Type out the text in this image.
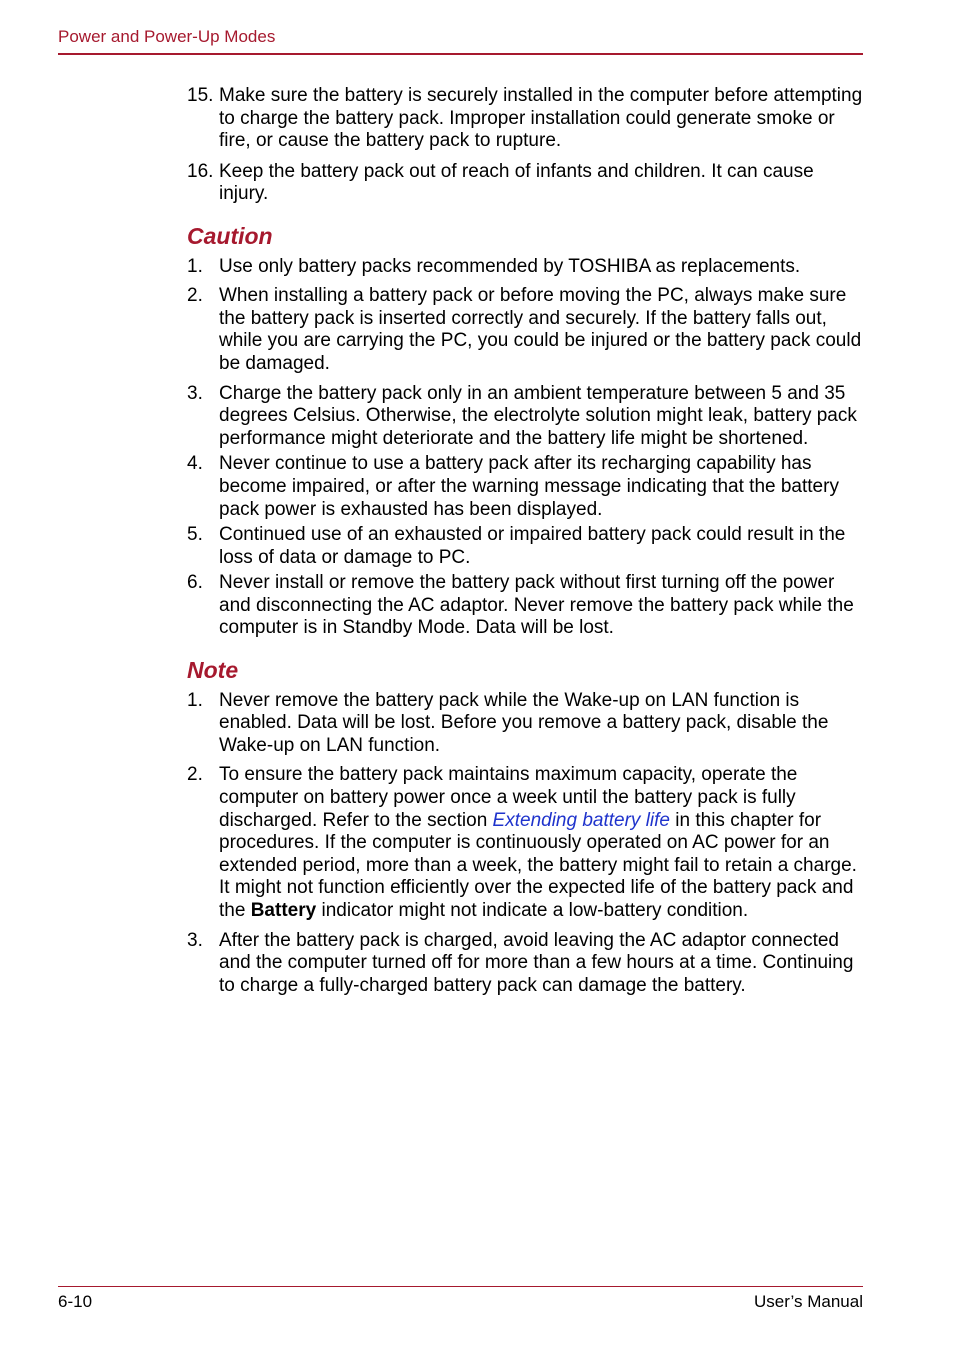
Power and Power-Up Modes
15. Make sure the battery is securely installed in the computer before attempting to charge the battery pack. Improper installation could generate smoke or fire, or cause the battery pack to rupture.
16. Keep the battery pack out of reach of infants and children. It can cause injury.
Caution
1. Use only battery packs recommended by TOSHIBA as replacements.
2. When installing a battery pack or before moving the PC, always make sure the battery pack is inserted correctly and securely. If the battery falls out, while you are carrying the PC, you could be injured or the battery pack could be damaged.
3. Charge the battery pack only in an ambient temperature between 5 and 35 degrees Celsius. Otherwise, the electrolyte solution might leak, battery pack performance might deteriorate and the battery life might be shortened.
4. Never continue to use a battery pack after its recharging capability has become impaired, or after the warning message indicating that the battery pack power is exhausted has been displayed.
5. Continued use of an exhausted or impaired battery pack could result in the loss of data or damage to PC.
6. Never install or remove the battery pack without first turning off the power and disconnecting the AC adaptor. Never remove the battery pack while the computer is in Standby Mode. Data will be lost.
Note
1. Never remove the battery pack while the Wake-up on LAN function is enabled. Data will be lost. Before you remove a battery pack, disable the Wake-up on LAN function.
2. To ensure the battery pack maintains maximum capacity, operate the computer on battery power once a week until the battery pack is fully discharged. Refer to the section Extending battery life in this chapter for procedures. If the computer is continuously operated on AC power for an extended period, more than a week, the battery might fail to retain a charge. It might not function efficiently over the expected life of the battery pack and the Battery indicator might not indicate a low-battery condition.
3. After the battery pack is charged, avoid leaving the AC adaptor connected and the computer turned off for more than a few hours at a time. Continuing to charge a fully-charged battery pack can damage the battery.
6-10	User’s Manual
